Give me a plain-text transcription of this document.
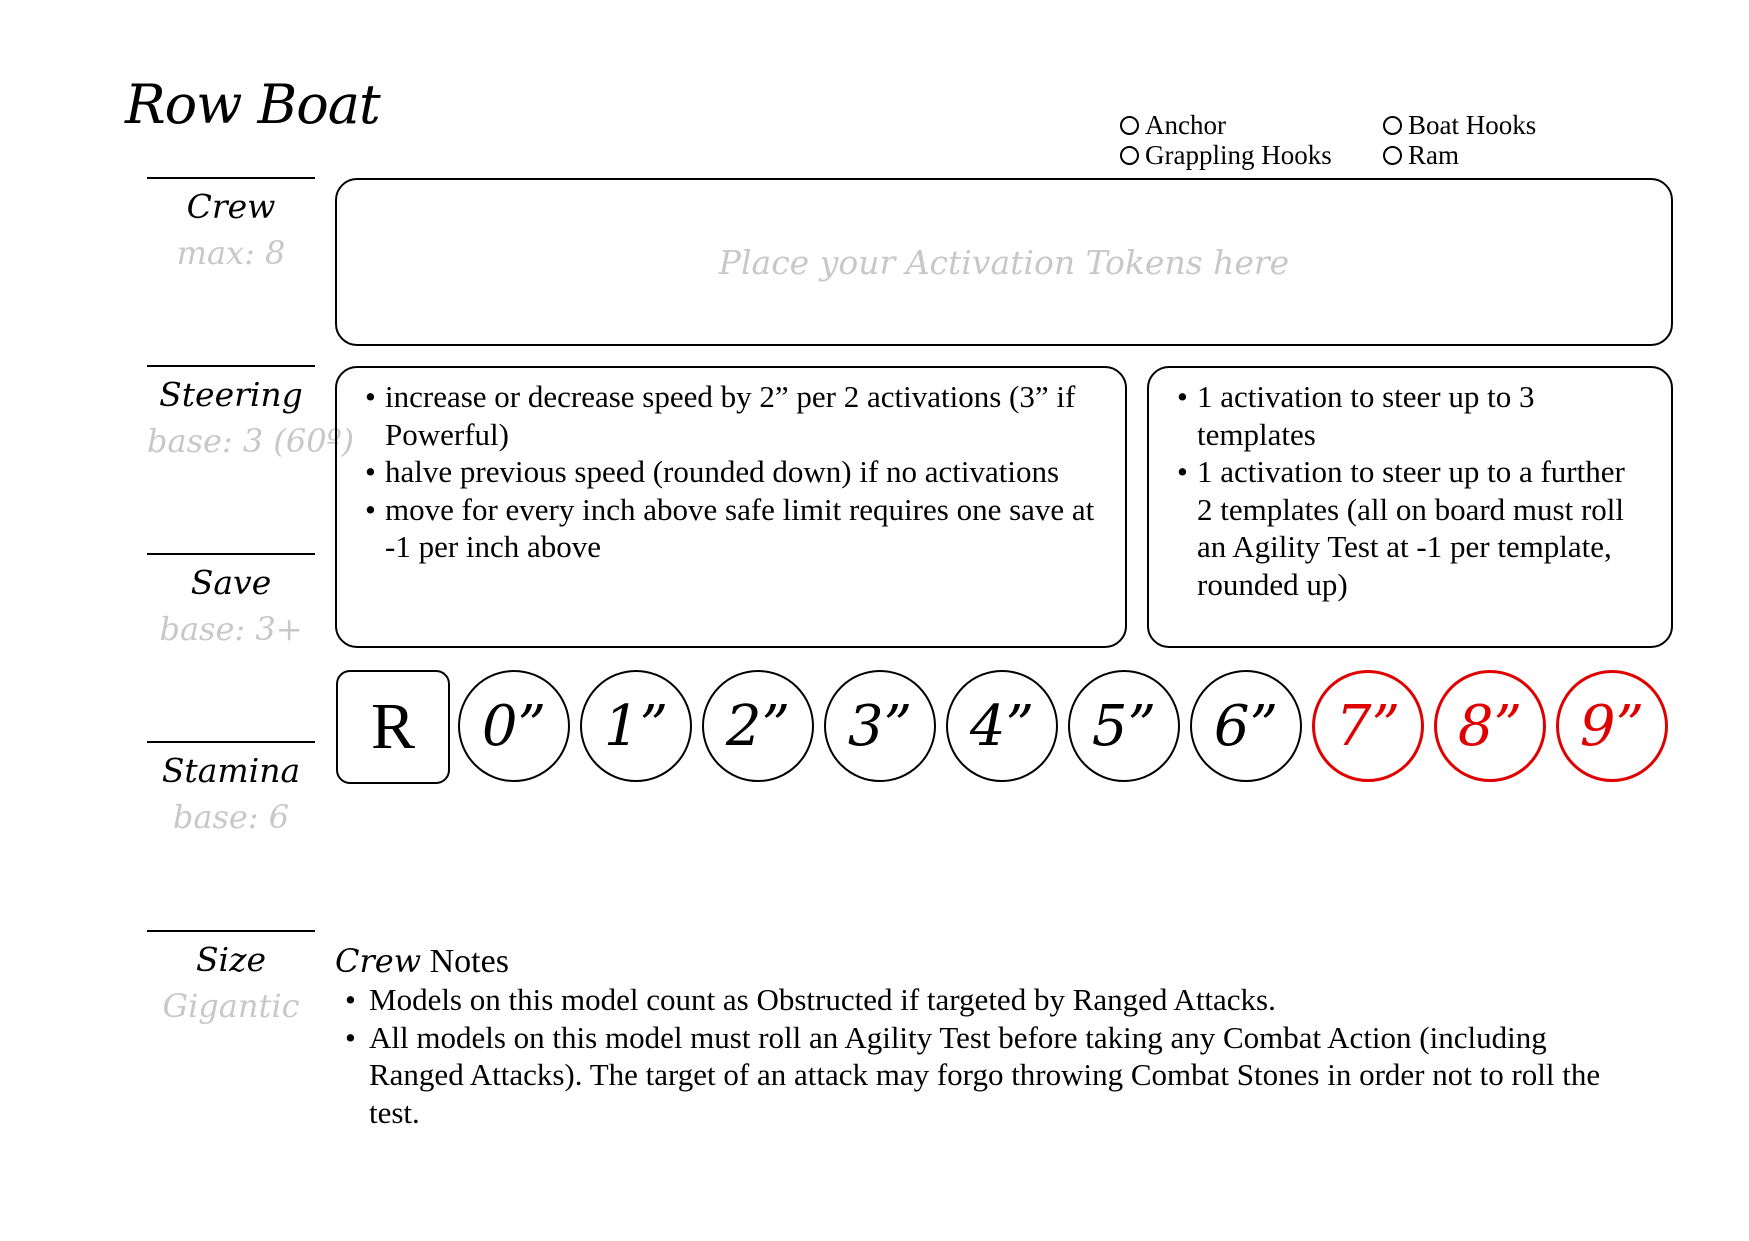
Row Boat	Anchor	Boat Hooks
Grappling Hooks	Ram
Crew
max: 8
Steering
base: 3 (60º)
Save
base: 3+
Stamina
base: 6
Size
Gigantic
Place your Activation Tokens here
• increase or decrease speed by 2” per 2 activations (3” if Powerful)
• halve previous speed (rounded down) if no activations
• move for every inch above safe limit requires one save at -1 per inch above
• 1 activation to steer up to 3 templates
• 1 activation to steer up to a further 2 templates (all on board must roll an Agility Test at -1 per template, rounded up)
R	0”	1”	2”	3”	4”	5”	6”	7”	8”	9”
Crew Notes
• Models on this model count as Obstructed if targeted by Ranged Attacks.
• All models on this model must roll an Agility Test before taking any Combat Action (including Ranged Attacks). The target of an attack may forgo throwing Combat Stones in order not to roll the test.
